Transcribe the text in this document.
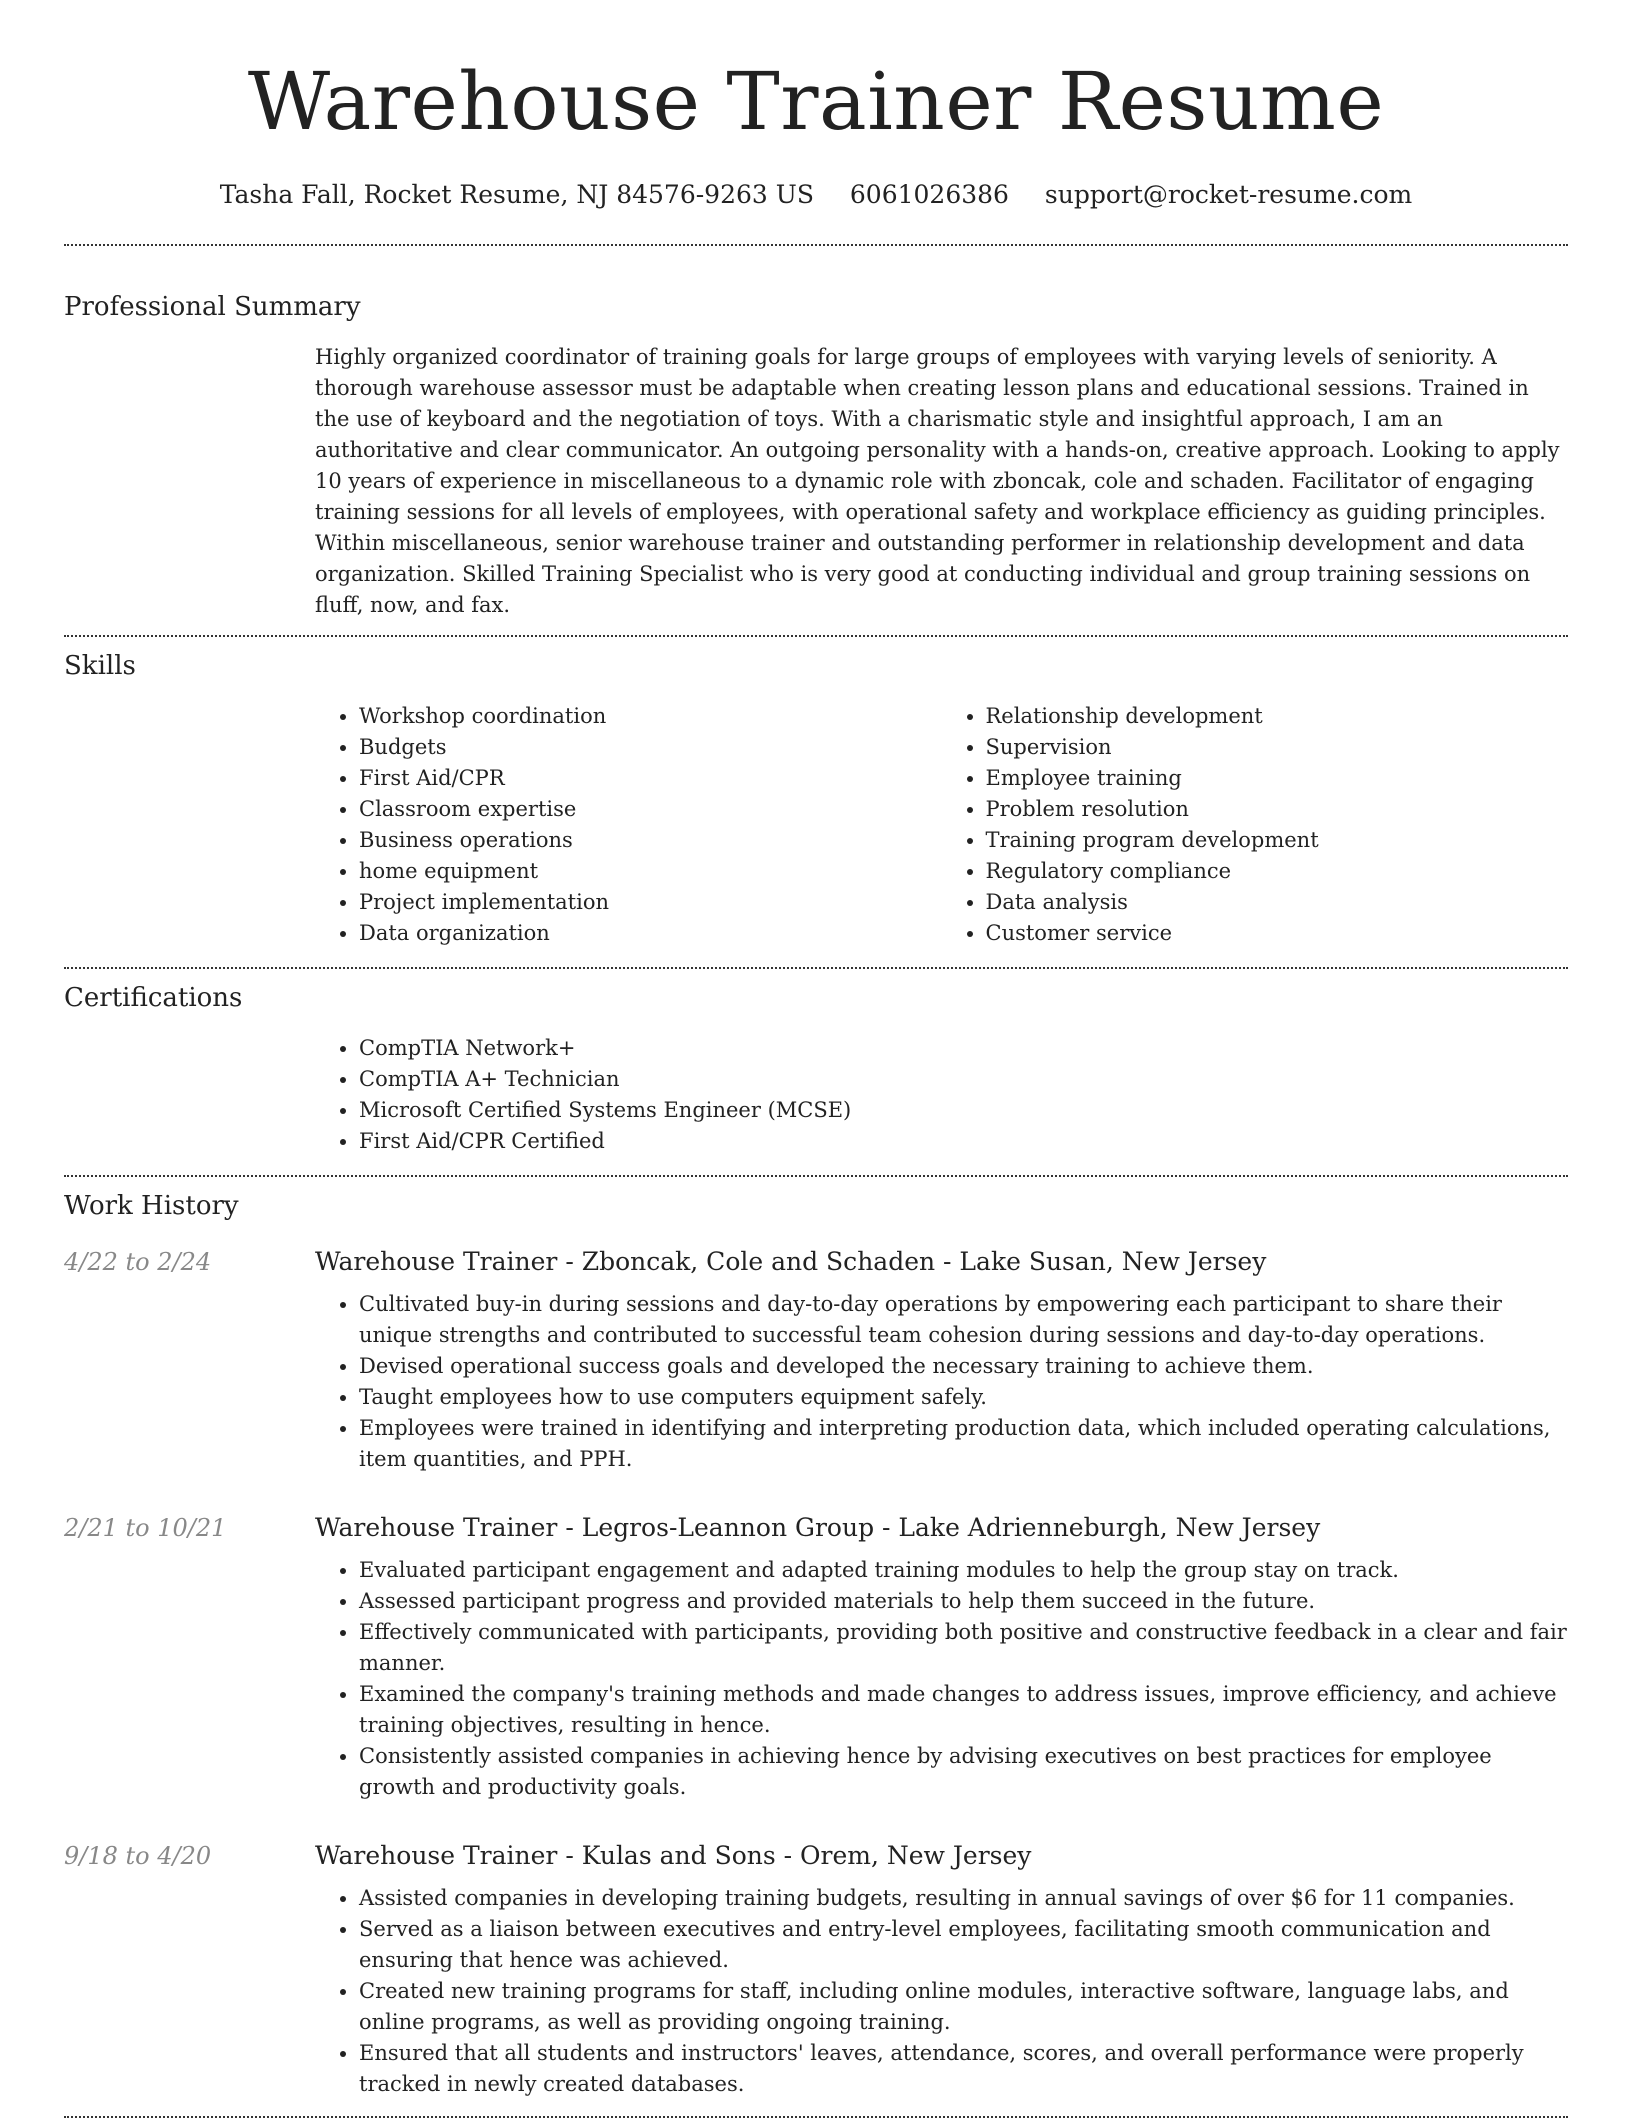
Warehouse Trainer Resume
Tasha Fall, Rocket Resume, NJ 84576-9263 US 6061026386 support@rocket-resume.com
Professional Summary

Highly organized coordinator of training goals for large groups of employees with varying levels of seniority. A thorough warehouse assessor must be adaptable when creating lesson plans and educational sessions. Trained in the use of keyboard and the negotiation of toys. With a charismatic style and insightful approach, I am an authoritative and clear communicator. An outgoing personality with a hands-on, creative approach. Looking to apply 10 years of experience in miscellaneous to a dynamic role with zboncak, cole and schaden. Facilitator of engaging training sessions for all levels of employees, with operational safety and workplace efficiency as guiding principles. Within miscellaneous, senior warehouse trainer and outstanding performer in relationship development and data organization. Skilled Training Specialist who is very good at conducting individual and group training sessions on fluff, now, and fax.

Skills
• Workshop coordination
• Budgets
• First Aid/CPR
• Classroom expertise
• Business operations
• home equipment
• Project implementation
• Data organization
• Relationship development
• Supervision
• Employee training
• Problem resolution
• Training program development
• Regulatory compliance
• Data analysis
• Customer service
Certifications
• CompTIA Network+
• CompTIA A+ Technician
• Microsoft Certified Systems Engineer (MCSE)
• First Aid/CPR Certified
Work History
4/22 to 2/24	Warehouse Trainer - Zboncak, Cole and Schaden - Lake Susan, New Jersey
• Cultivated buy-in during sessions and day-to-day operations by empowering each participant to share their unique strengths and contributed to successful team cohesion during sessions and day-to-day operations.
• Devised operational success goals and developed the necessary training to achieve them.
• Taught employees how to use computers equipment safely.
• Employees were trained in identifying and interpreting production data, which included operating calculations, item quantities, and PPH.
2/21 to 10/21	Warehouse Trainer - Legros-Leannon Group - Lake Adrienneburgh, New Jersey
• Evaluated participant engagement and adapted training modules to help the group stay on track.
• Assessed participant progress and provided materials to help them succeed in the future.
• Effectively communicated with participants, providing both positive and constructive feedback in a clear and fair manner.
• Examined the company's training methods and made changes to address issues, improve efficiency, and achieve training objectives, resulting in hence.
• Consistently assisted companies in achieving hence by advising executives on best practices for employee growth and productivity goals.
9/18 to 4/20	Warehouse Trainer - Kulas and Sons - Orem, New Jersey
• Assisted companies in developing training budgets, resulting in annual savings of over $6 for 11 companies.
• Served as a liaison between executives and entry-level employees, facilitating smooth communication and ensuring that hence was achieved.
• Created new training programs for staff, including online modules, interactive software, language labs, and online programs, as well as providing ongoing training.
• Ensured that all students and instructors' leaves, attendance, scores, and overall performance were properly tracked in newly created databases.
